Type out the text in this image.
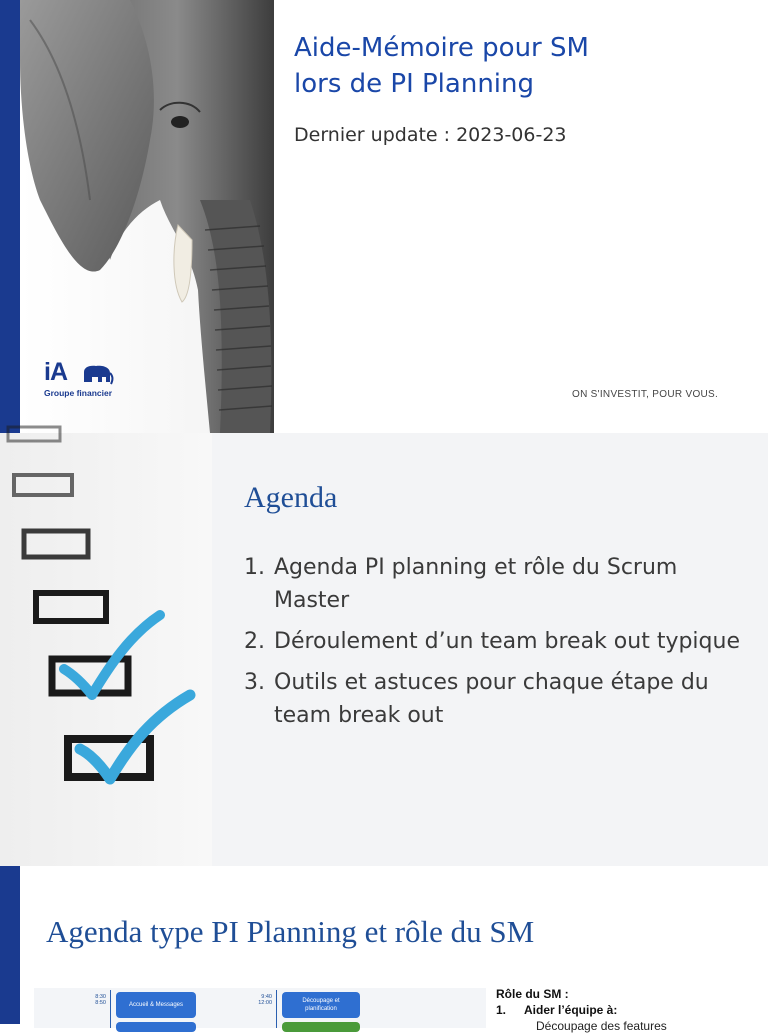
Aide-Mémoire pour SM
lors de PI Planning
Dernier update : 2023-06-23
iA
Groupe financier	ON S'INVESTIT, POUR VOUS.
Agenda
1. Agenda PI planning et rôle du Scrum Master
2. Déroulement d’un team break out typique
3. Outils et astuces pour chaque étape du team break out
Agenda type PI Planning et rôle du SM
8:30
8:50	Accueil & Messages
9:40
12:00	Découpage et planification
Rôle du SM :
1. Aider l’équipe à:
Découpage des features
